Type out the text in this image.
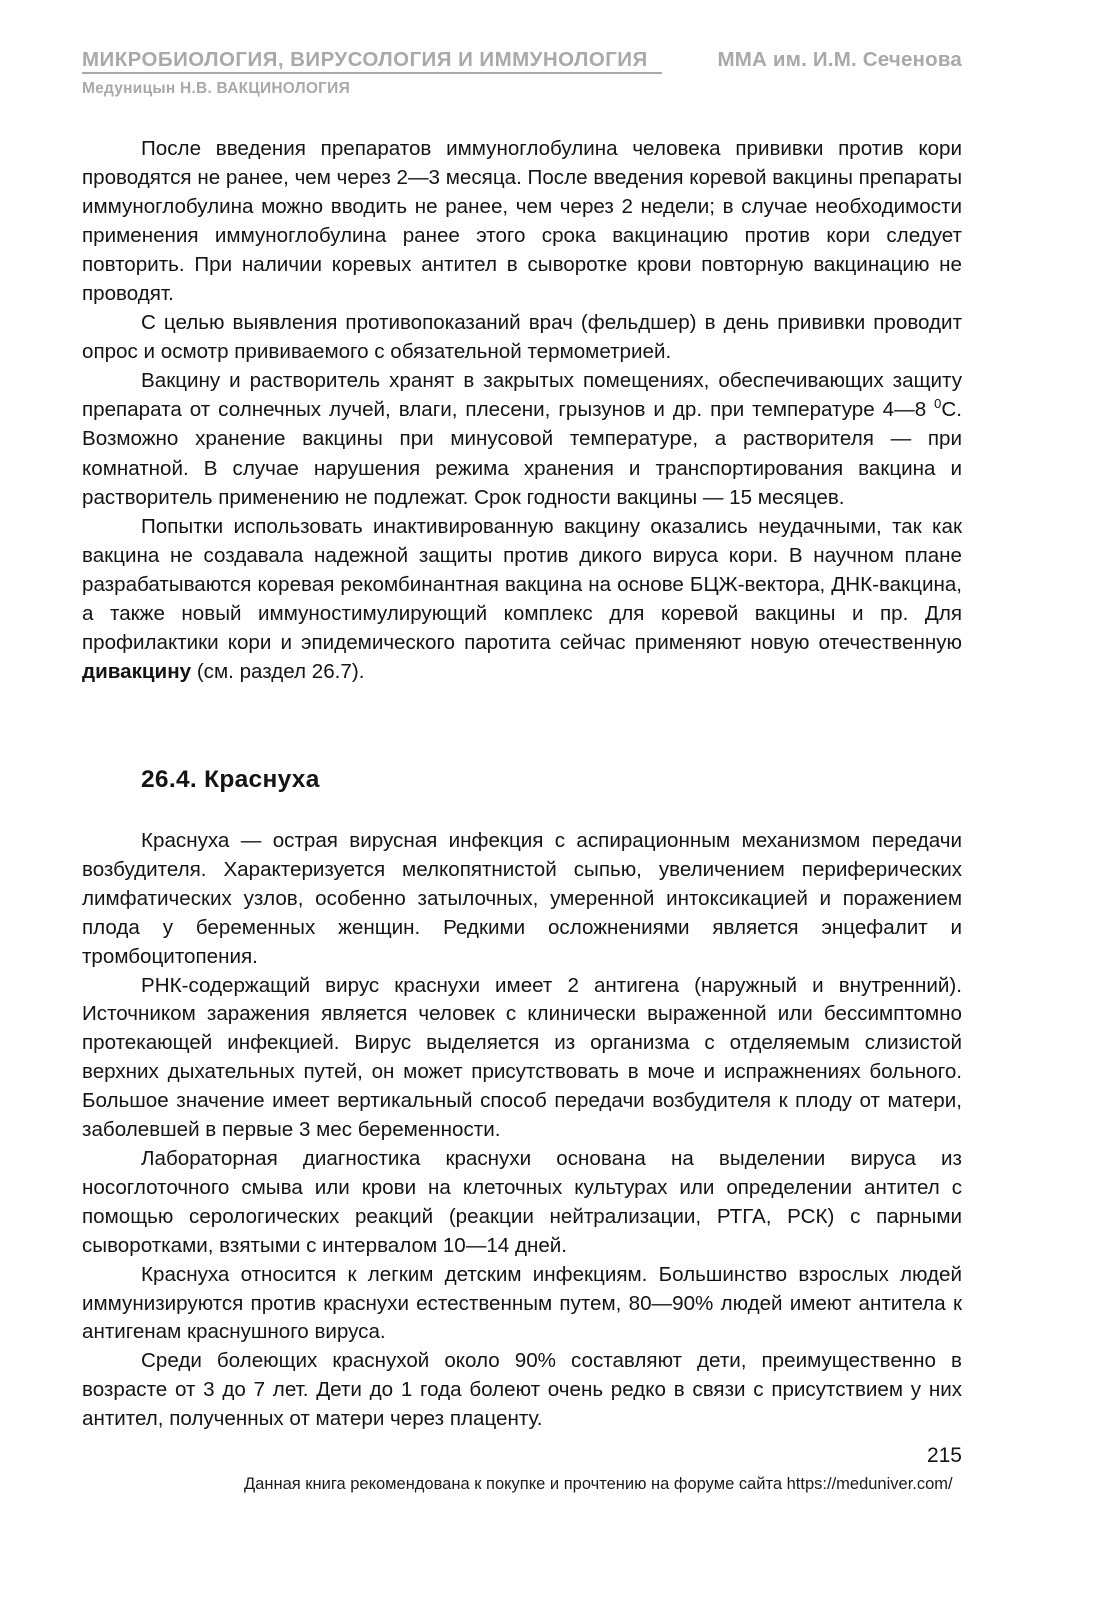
МИКРОБИОЛОГИЯ, ВИРУСОЛОГИЯ И ИММУНОЛОГИЯ	ММА им. И.М. Сеченова
Медуницын Н.В. ВАКЦИНОЛОГИЯ

После введения препаратов иммуноглобулина человека прививки против кори проводятся не ранее, чем через 2—3 месяца. После введения коревой вакцины препараты иммуноглобулина можно вводить не ранее, чем через 2 недели; в случае необходимости применения иммуноглобулина ранее этого срока вакцинацию против кори следует повторить. При наличии коревых антител в сыворотке крови повторную вакцинацию не проводят.

С целью выявления противопоказаний врач (фельдшер) в день прививки проводит опрос и осмотр прививаемого с обязательной термометрией.

Вакцину и растворитель хранят в закрытых помещениях, обеспечивающих защиту препарата от солнечных лучей, влаги, плесени, грызунов и др. при температуре 4—8 $^0$С. Возможно хранение вакцины при минусовой температуре, а растворителя — при комнатной. В случае нарушения режима хранения и транспортирования вакцина и растворитель применению не подлежат. Срок годности вакцины — 15 месяцев.

Попытки использовать инактивированную вакцину оказались неудачными, так как вакцина не создавала надежной защиты против дикого вируса кори. В научном плане разрабатываются коревая рекомбинантная вакцина на основе БЦЖ-вектора, ДНК-вакцина, а также новый иммуностимулирующий комплекс для коревой вакцины и пр. Для профилактики кори и эпидемического паротита сейчас применяют новую отечественную дивакцину (см. раздел 26.7).

26.4. Краснуха

Краснуха — острая вирусная инфекция с аспирационным механизмом передачи возбудителя. Характеризуется мелкопятнистой сыпью, увеличением периферических лимфатических узлов, особенно затылочных, умеренной интоксикацией и поражением плода у беременных женщин. Редкими осложнениями является энцефалит и тромбоцитопения.

РНК-содержащий вирус краснухи имеет 2 антигена (наружный и внутренний). Источником заражения является человек с клинически выраженной или бессимптомно протекающей инфекцией. Вирус выделяется из организма с отделяемым слизистой верхних дыхательных путей, он может присутствовать в моче и испражнениях больного. Большое значение имеет вертикальный способ передачи возбудителя к плоду от матери, заболевшей в первые 3 мес беременности.

Лабораторная диагностика краснухи основана на выделении вируса из носоглоточного смыва или крови на клеточных культурах или определении антител с помощью серологических реакций (реакции нейтрализации, РТГА, РСК) с парными сыворотками, взятыми с интервалом 10—14 дней.

Краснуха относится к легким детским инфекциям. Большинство взрослых людей иммунизируются против краснухи естественным путем, 80—90% людей имеют антитела к антигенам краснушного вируса.

Среди болеющих краснухой около 90% составляют дети, преимущественно в возрасте от 3 до 7 лет. Дети до 1 года болеют очень редко в связи с присутствием у них антител, полученных от матери через плаценту.

215
Данная книга рекомендована к покупке и прочтению на форуме сайта https://meduniver.com/
